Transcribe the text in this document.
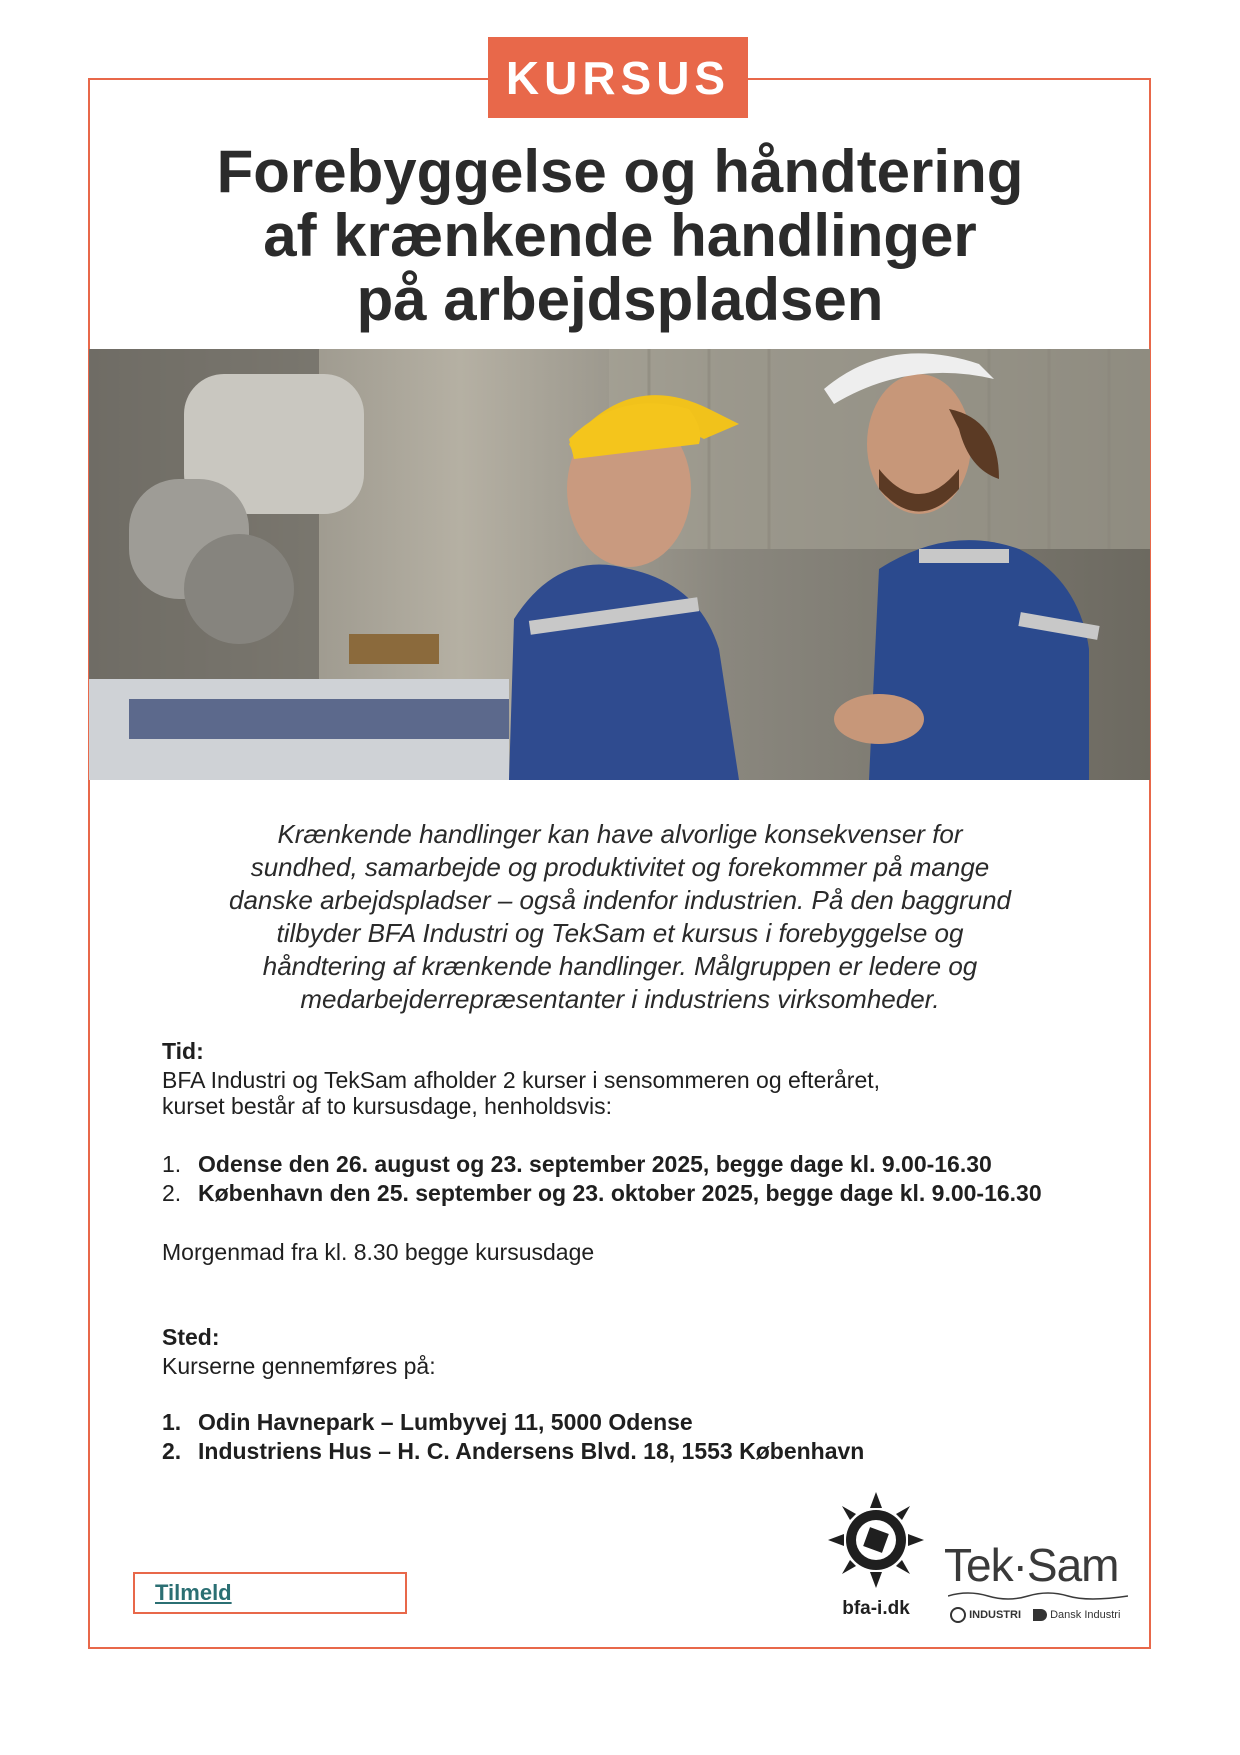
KURSUS
Forebyggelse og håndtering
af krænkende handlinger
på arbejdspladsen

Krænkende handlinger kan have alvorlige konsekvenser for
sundhed, samarbejde og produktivitet og forekommer på mange
danske arbejdspladser – også indenfor industrien. På den baggrund
tilbyder BFA Industri og TekSam et kursus i forebyggelse og
håndtering af krænkende handlinger. Målgruppen er ledere og
medarbejderrepræsentanter i industriens virksomheder.

Tid:
BFA Industri og TekSam afholder 2 kurser i sensommeren og efteråret,
kurset består af to kursusdage, henholdsvis:
1. Odense den 26. august og 23. september 2025, begge dage kl. 9.00-16.30
2. København den 25. september og 23. oktober 2025, begge dage kl. 9.00-16.30
Morgenmad fra kl. 8.30 begge kursusdage
Sted:
Kurserne gennemføres på:
1. Odin Havnepark – Lumbyvej 11, 5000 Odense
2. Industriens Hus – H. C. Andersens Blvd. 18, 1553 København
Tilmeld
bfa-i.dk
Tek·Sam
INDUSTRI	Dansk Industri
